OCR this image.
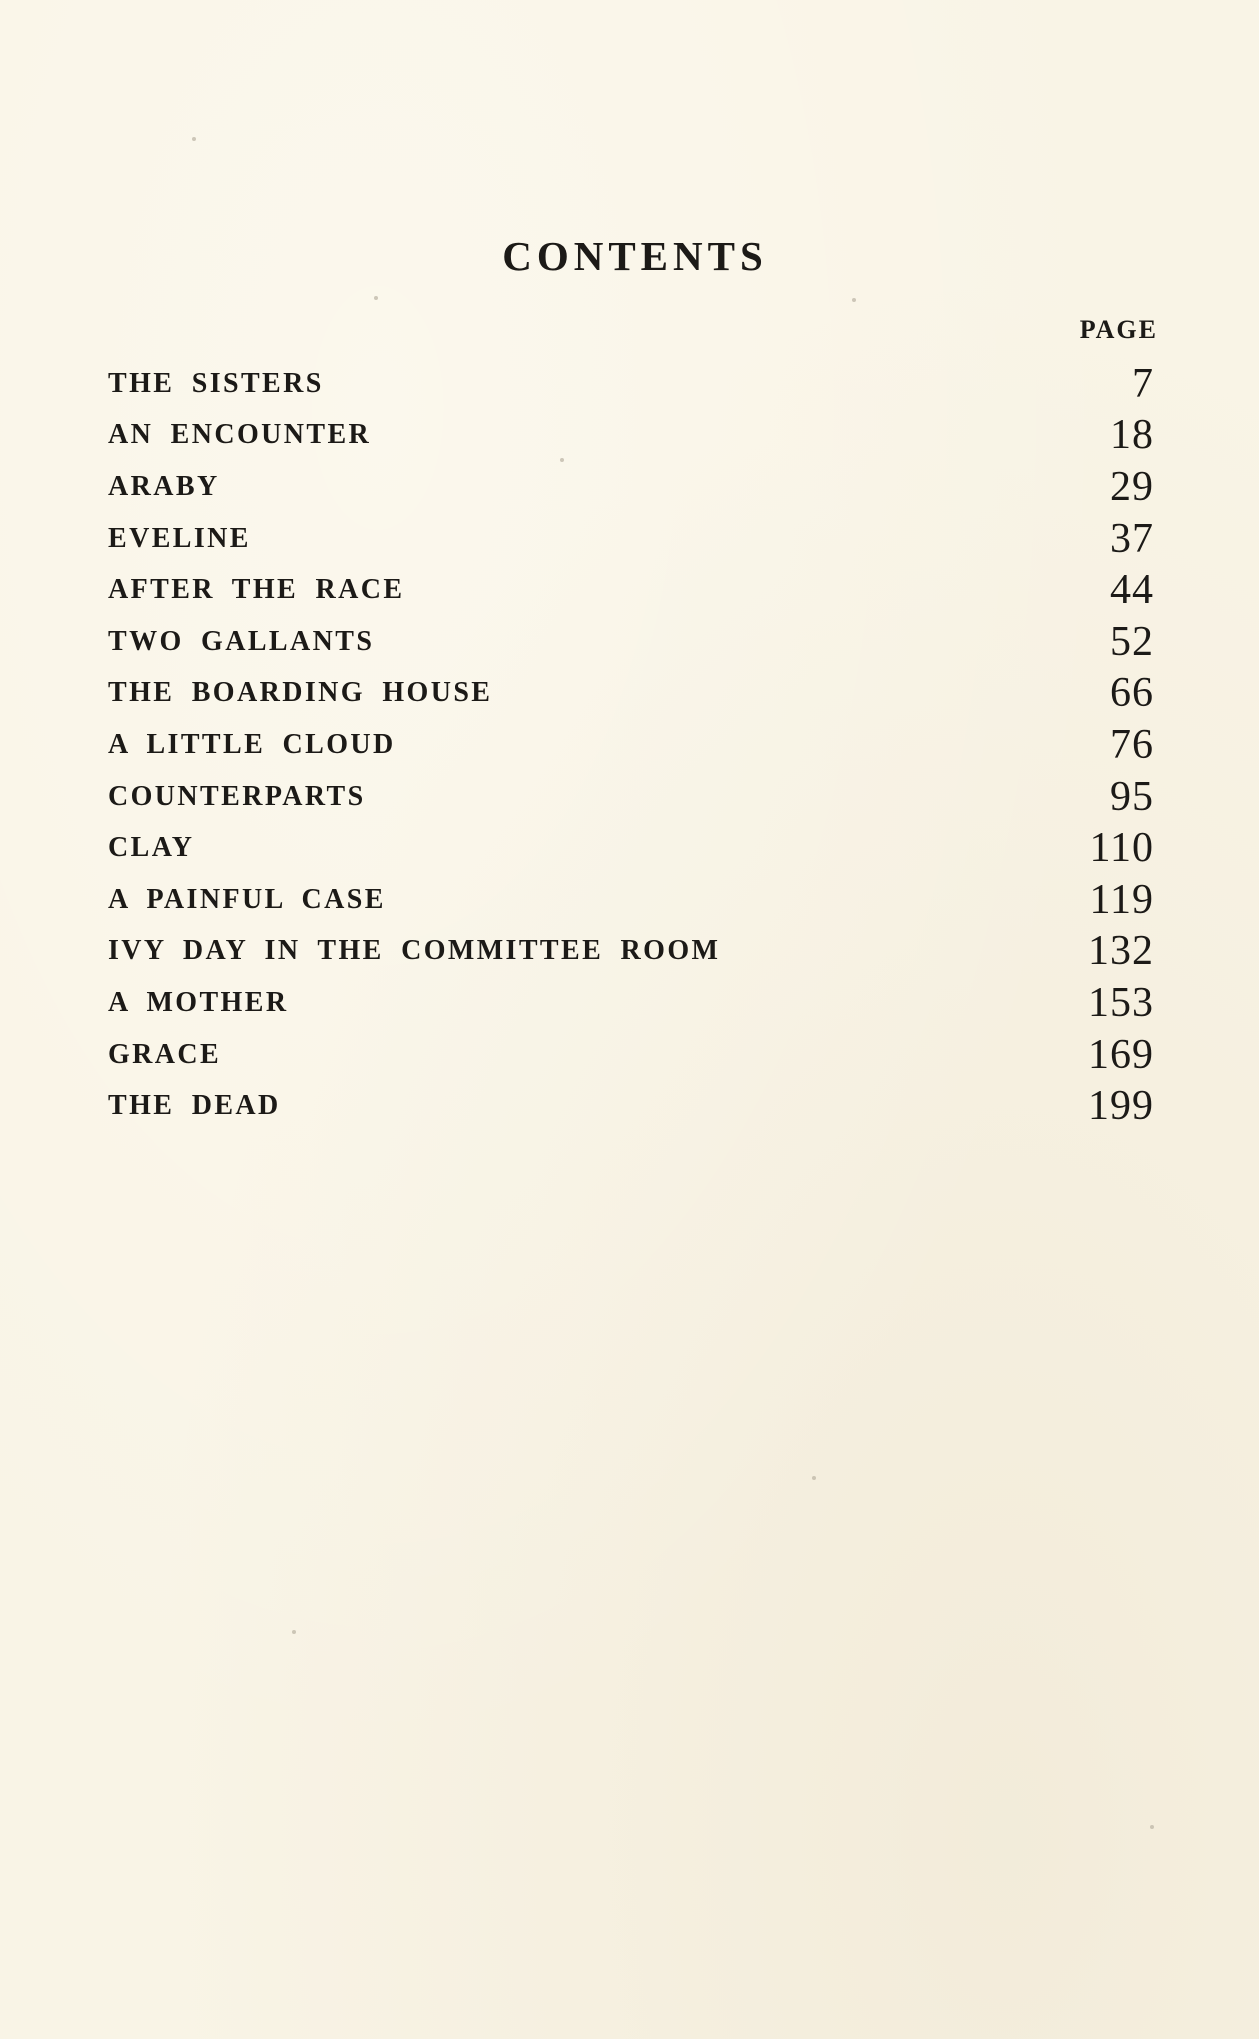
CONTENTS
PAGE
THE SISTERS	7
AN ENCOUNTER	18
ARABY	29
EVELINE	37
AFTER THE RACE	44
TWO GALLANTS	52
THE BOARDING HOUSE	66
A LITTLE CLOUD	76
COUNTERPARTS	95
CLAY	110
A PAINFUL CASE	119
IVY DAY IN THE COMMITTEE ROOM	132
A MOTHER	153
GRACE	169
THE DEAD	199
